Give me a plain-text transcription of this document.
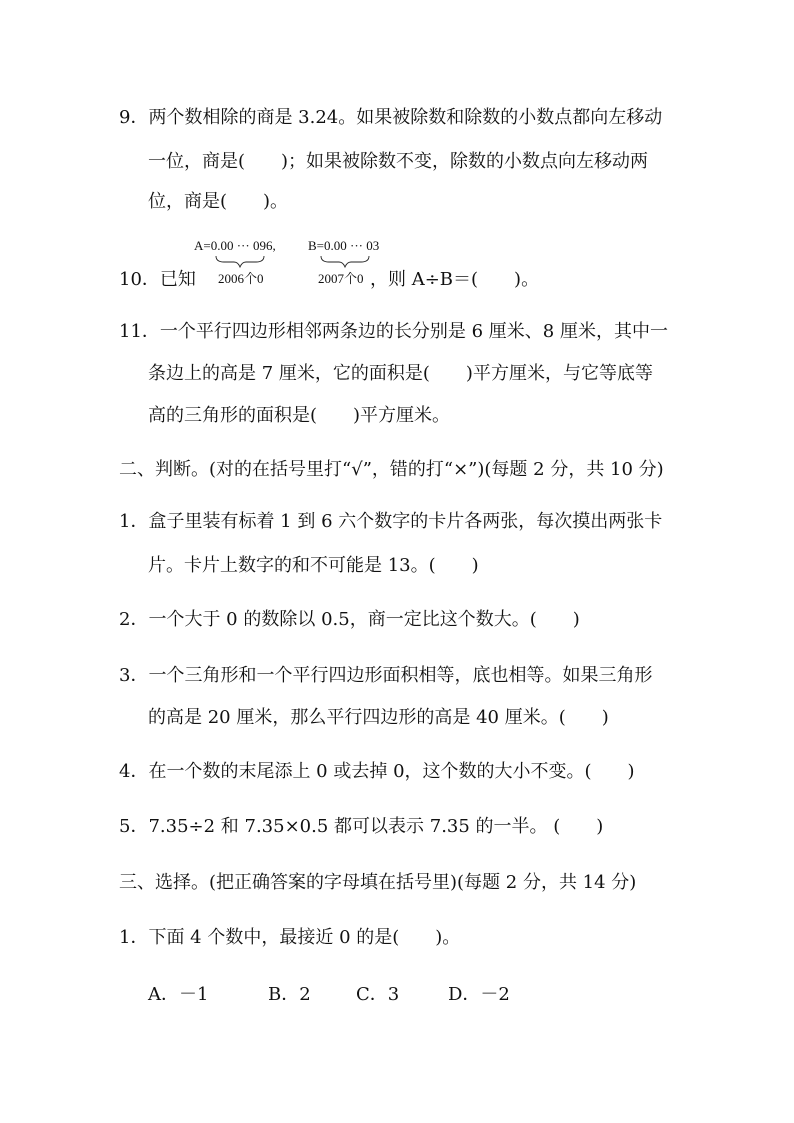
9．两个数相除的商是 3.24。如果被除数和除数的小数点都向左移动
一位，商是(　　)；如果被除数不变，除数的小数点向左移动两
位，商是(　　)。
A=0.00 ··· 096, B=0.00 ··· 03
2006个0	2007个0
10．已知	，则 A÷B＝(　　)。
11．一个平行四边形相邻两条边的长分别是 6 厘米、8 厘米，其中一
条边上的高是 7 厘米，它的面积是(　　)平方厘米，与它等底等
高的三角形的面积是(　　)平方厘米。
二、判断。(对的在括号里打“√”，错的打“×”)(每题 2 分，共 10 分)
1．盒子里装有标着 1 到 6 六个数字的卡片各两张，每次摸出两张卡
片。卡片上数字的和不可能是 13。(　　)
2．一个大于 0 的数除以 0.5，商一定比这个数大。(　　)
3．一个三角形和一个平行四边形面积相等，底也相等。如果三角形
的高是 20 厘米，那么平行四边形的高是 40 厘米。(　　)
4．在一个数的末尾添上 0 或去掉 0，这个数的大小不变。(　　)
5．7.35÷2 和 7.35×0.5 都可以表示 7.35 的一半。 (　　)
三、选择。(把正确答案的字母填在括号里)(每题 2 分，共 14 分)
1．下面 4 个数中，最接近 0 的是(　　)。
A．－1	B．2	C．3	D．－2
